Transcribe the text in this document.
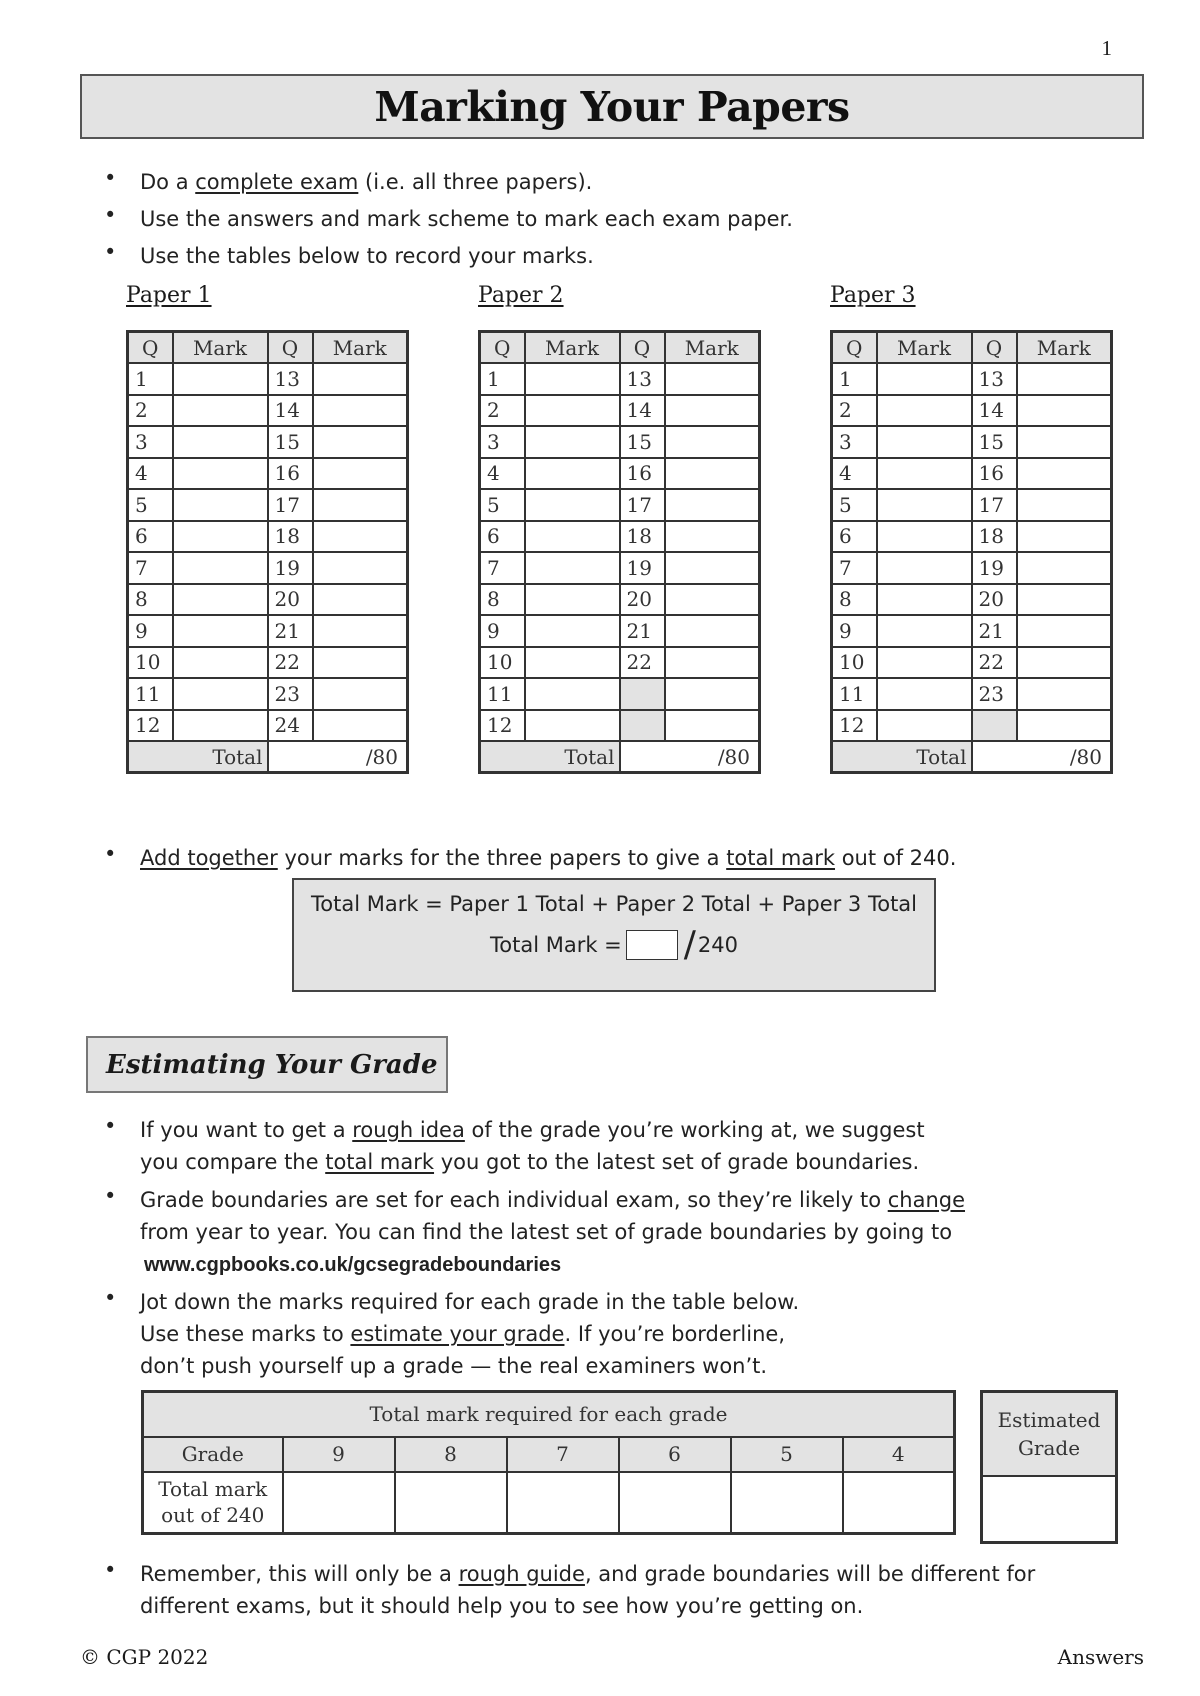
1
Marking Your Papers
• Do a complete exam (i.e. all three papers).
• Use the answers and mark scheme to mark each exam paper.
• Use the tables below to record your marks.
Paper 1	Paper 2	Paper 3
Q	Mark	Q	Mark
1		13	
2		14	
3		15	
4		16	
5		17	
6		18	
7		19	
8		20	
9		21	
10		22	
11		23	
12		24	
Total		/80	
Q	Mark	Q	Mark
1		13	
2		14	
3		15	
4		16	
5		17	
6		18	
7		19	
8		20	
9		21	
10		22	
11			
12			
Total		/80	
Q	Mark	Q	Mark
1		13	
2		14	
3		15	
4		16	
5		17	
6		18	
7		19	
8		20	
9		21	
10		22	
11		23	
12			
Total		/80	
• Add together your marks for the three papers to give a total mark out of 240.
Total Mark = Paper 1 Total + Paper 2 Total + Paper 3 Total
Total Mark = / 240
Estimating Your Grade
• If you want to get a rough idea of the grade you’re working at, we suggest
you compare the total mark you got to the latest set of grade boundaries.
• Grade boundaries are set for each individual exam, so they’re likely to change
from year to year. You can find the latest set of grade boundaries by going to
www.cgpbooks.co.uk/gcsegradeboundaries
• Jot down the marks required for each grade in the table below.
Use these marks to estimate your grade. If you’re borderline,
don’t push yourself up a grade — the real examiners won’t.
Total mark required for each grade						
Grade	9	8	7	6	5	4
Total mark
out of 240						
Estimated
Grade

• Remember, this will only be a rough guide, and grade boundaries will be different for
different exams, but it should help you to see how you’re getting on.
© CGP 2022	Answers
